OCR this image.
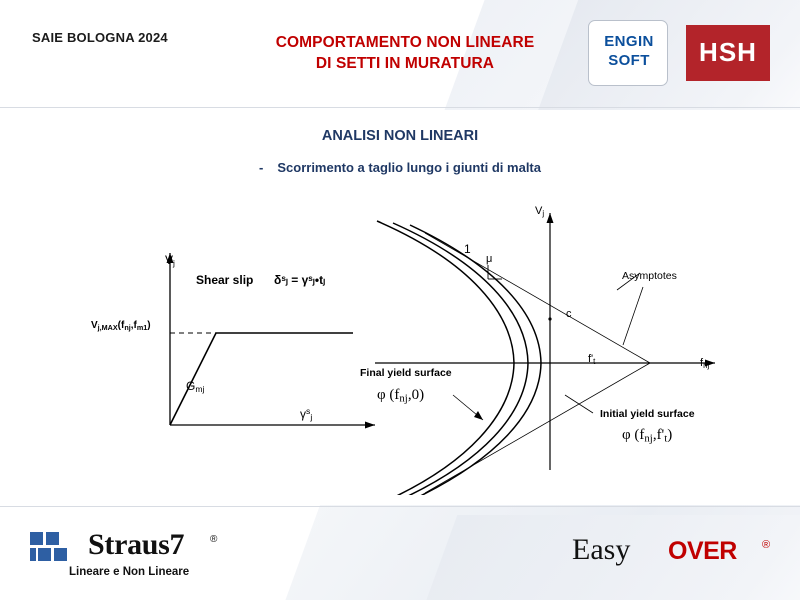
SAIE BOLOGNA 2024	COMPORTAMENTO NON LINEARE
DI SETTI IN MURATURA
ENGIN
SOFT	HSH
ANALISI NON LINEARI
- Scorrimento a taglio lungo i giunti di malta
$V_j$
$\gamma^s_j$
Shear slip δˢⱼ = γˢⱼ•tⱼ
$V_{j,MAX}(f_{nj},f_{m1})$
$G_{mj}$
$V_j$
$f_{nj}$
1
μ
c
$f'_t$
Asymptotes
Final yield surface
φ $(f_{nj},0)$
Initial yield surface
φ $(f_{nj},f'_t)$
Straus7	®
Lineare e Non Lineare
Easy OVER ®
